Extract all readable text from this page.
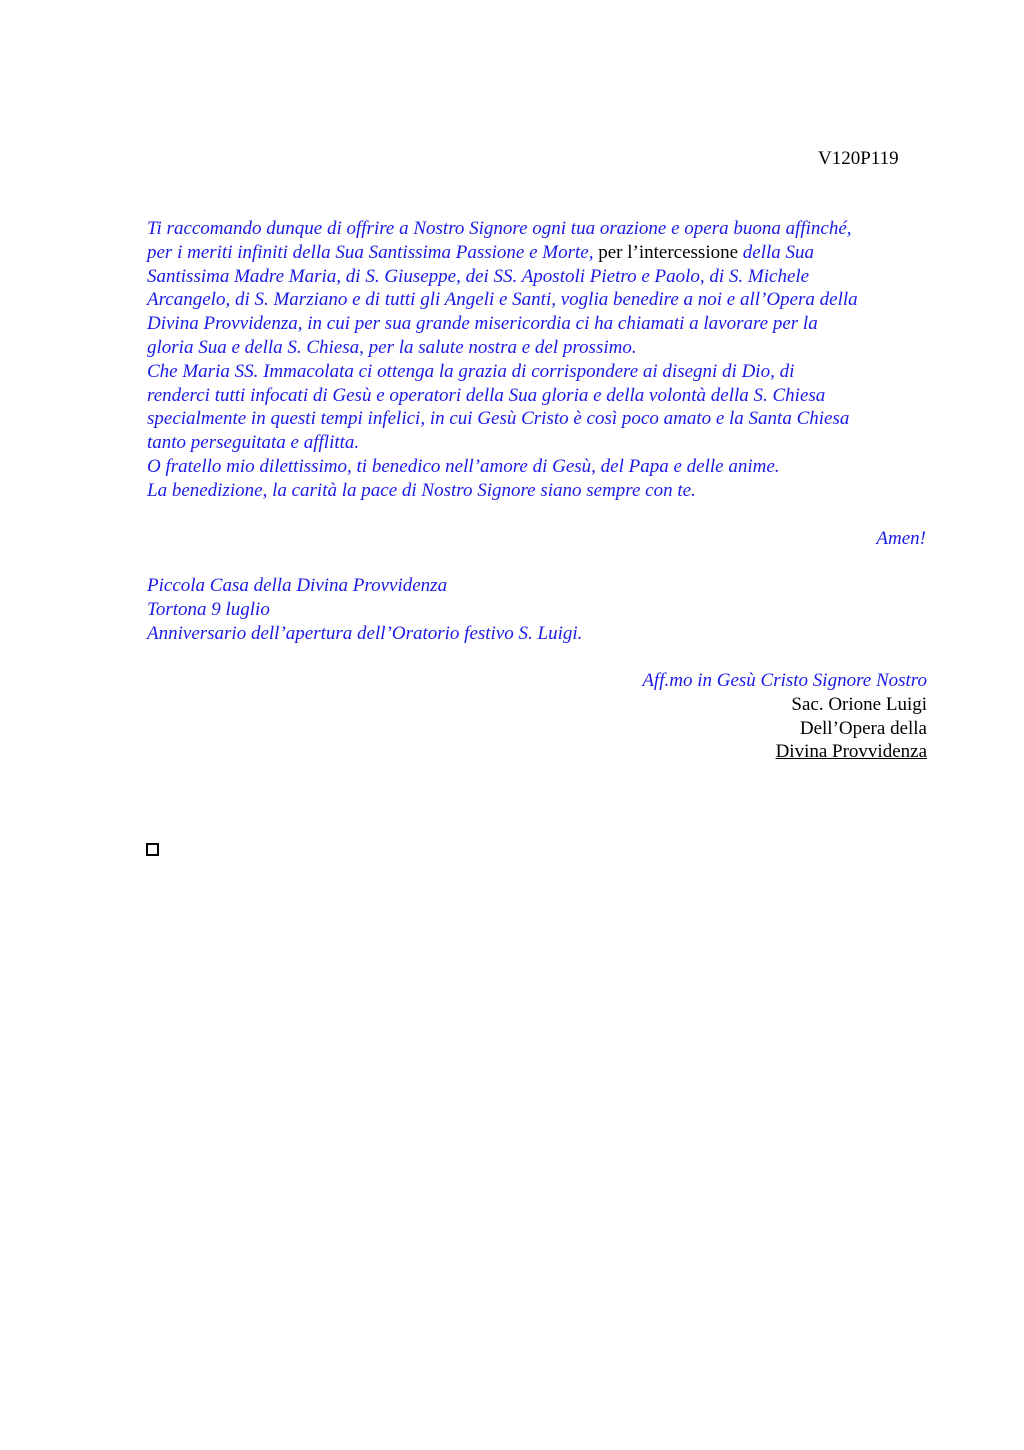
V120P119
Ti raccomando dunque di offrire a Nostro Signore ogni tua orazione e opera buona affinché,
per i meriti infiniti della Sua Santissima Passione e Morte, per l’intercessione della Sua
Santissima Madre Maria, di S. Giuseppe, dei SS. Apostoli Pietro e Paolo, di S. Michele
Arcangelo, di S. Marziano e di tutti gli Angeli e Santi, voglia benedire a noi e all’Opera della
Divina Provvidenza, in cui per sua grande misericordia ci ha chiamati a lavorare per la
gloria Sua e della S. Chiesa, per la salute nostra e del prossimo.
Che Maria SS. Immacolata ci ottenga la grazia di corrispondere ai disegni di Dio, di
renderci tutti infocati di Gesù e operatori della Sua gloria e della volontà della S. Chiesa
specialmente in questi tempi infelici, in cui Gesù Cristo è così poco amato e la Santa Chiesa
tanto perseguitata e afflitta.
O fratello mio dilettissimo, ti benedico nell’amore di Gesù, del Papa e delle anime.
La benedizione, la carità la pace di Nostro Signore siano sempre con te.
Amen!
Piccola Casa della Divina Provvidenza
Tortona 9 luglio
Anniversario dell’apertura dell’Oratorio festivo S. Luigi.
Aff.mo in Gesù Cristo Signore Nostro
Sac. Orione Luigi
Dell’Opera della
Divina Provvidenza
